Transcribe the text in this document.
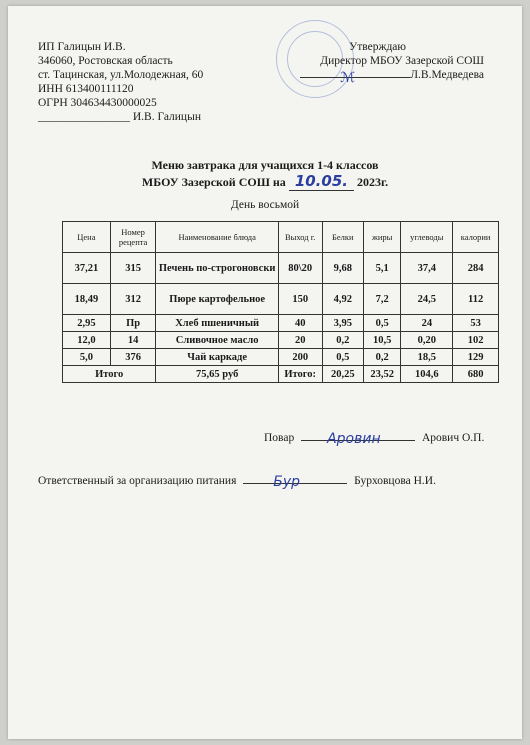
ИП Галицын И.В.
346060, Ростовская область
ст. Тацинская, ул.Молодежная, 60
ИНН 613400111120
ОГРН 304634430000025
________________ И.В. Галицын
Утверждаю
Директор МБОУ Зазерской СОШ
ℳ	Л.В.Медведева
Меню завтрака для учащихся 1-4 классов
МБОУ Зазерской СОШ на 10.05. 2023г.
День восьмой
Цена	Номер рецепта	Наименование блюда	Выход г.	Белки	жиры	углеводы	калории
37,21	315	Печень по-строгоновски	80\20	9,68	5,1	37,4	284
18,49	312	Пюре картофельное	150	4,92	7,2	24,5	112
2,95	Пр	Хлеб пшеничный	40	3,95	0,5	24	53
12,0	14	Сливочное масло	20	0,2	10,5	0,20	102
5,0	376	Чай каркаде	200	0,5	0,2	18,5	129
Итого		75,65 руб	Итого:	20,25	23,52	104,6	680
Повар Аровин	Арович О.П.
Ответственный за организацию питания	Бур	Бурховцова Н.И.
